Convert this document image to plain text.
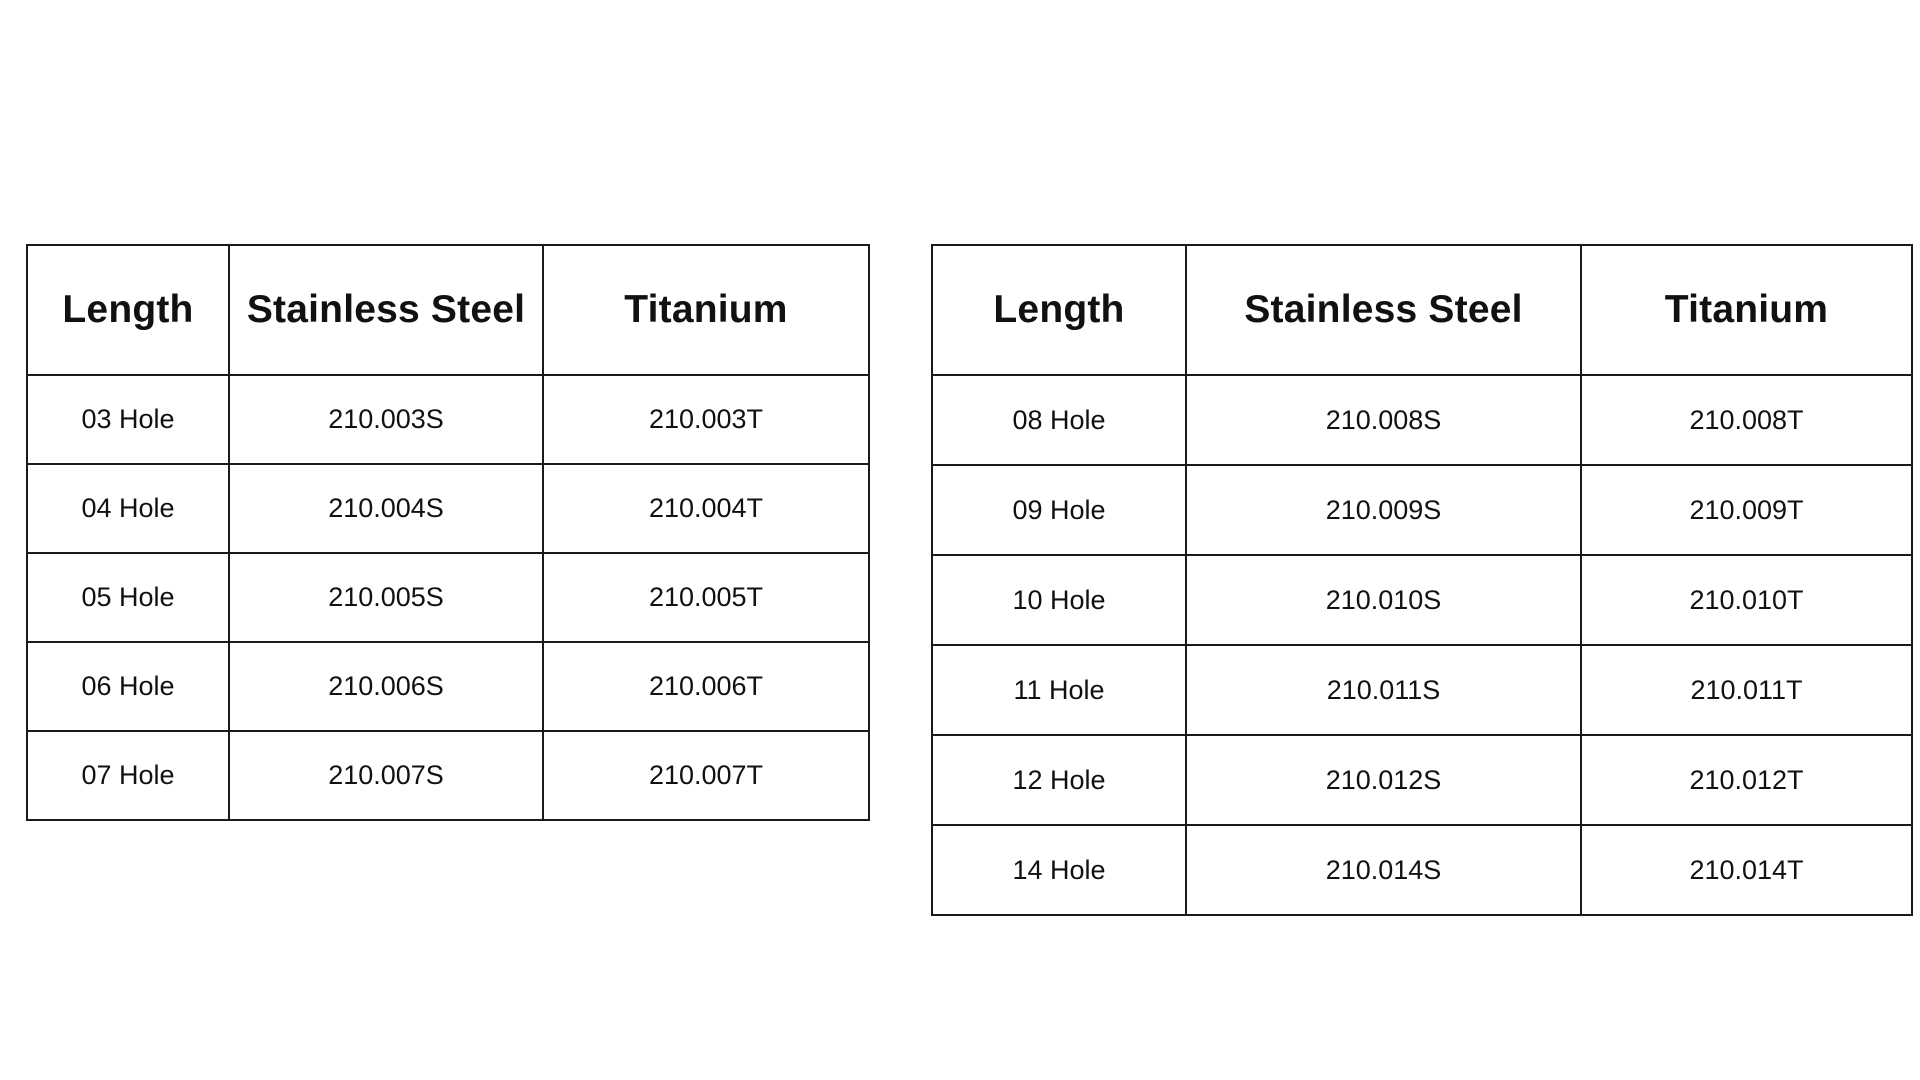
Length	Stainless Steel	Titanium
03 Hole	210.003S	210.003T
04 Hole	210.004S	210.004T
05 Hole	210.005S	210.005T
06 Hole	210.006S	210.006T
07 Hole	210.007S	210.007T
Length	Stainless Steel	Titanium
08 Hole	210.008S	210.008T
09 Hole	210.009S	210.009T
10 Hole	210.010S	210.010T
11 Hole	210.011S	210.011T
12 Hole	210.012S	210.012T
14 Hole	210.014S	210.014T
